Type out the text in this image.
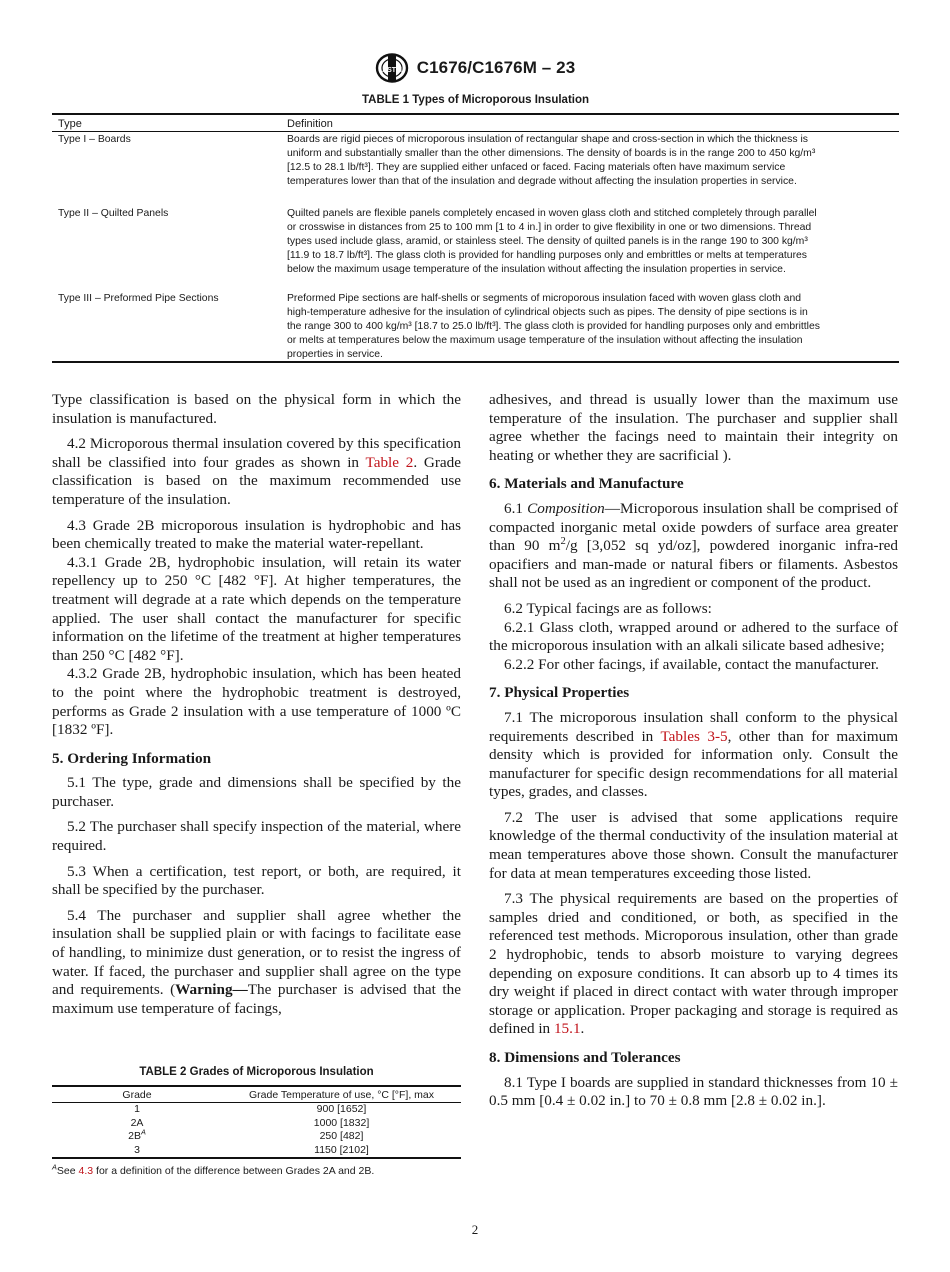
ASTM C1676/C1676M – 23
TABLE 1 Types of Microporous Insulation
Type	Definition
Type I – Boards	Boards are rigid pieces of microporous insulation of rectangular shape and cross-section in which the thickness is
uniform and substantially smaller than the other dimensions. The density of boards is in the range 200 to 450 kg/m³
[12.5 to 28.1 lb/ft³]. They are supplied either unfaced or faced. Facing materials often have maximum service
temperatures lower than that of the insulation and degrade without affecting the insulation properties in service.
Type II – Quilted Panels	Quilted panels are flexible panels completely encased in woven glass cloth and stitched completely through parallel
or crosswise in distances from 25 to 100 mm [1 to 4 in.] in order to give flexibility in one or two dimensions. Thread
types used include glass, aramid, or stainless steel. The density of quilted panels is in the range 190 to 300 kg/m³
[11.9 to 18.7 lb/ft³]. The glass cloth is provided for handling purposes only and embrittles or melts at temperatures
below the maximum usage temperature of the insulation without affecting the insulation properties in service.
Type III – Preformed Pipe Sections	Preformed Pipe sections are half-shells or segments of microporous insulation faced with woven glass cloth and
high-temperature adhesive for the insulation of cylindrical objects such as pipes. The density of pipe sections is in
the range 300 to 400 kg/m³ [18.7 to 25.0 lb/ft³]. The glass cloth is provided for handling purposes only and embrittles
or melts at temperatures below the maximum usage temperature of the insulation without affecting the insulation
properties in service.

Type classification is based on the physical form in which the insulation is manufactured.

4.2 Microporous thermal insulation covered by this specification shall be classified into four grades as shown in Table 2. Grade classification is based on the maximum recommended use temperature of the insulation.

4.3 Grade 2B microporous insulation is hydrophobic and has been chemically treated to make the material water-repellant.

4.3.1 Grade 2B, hydrophobic insulation, will retain its water repellency up to 250 °C [482 °F]. At higher temperatures, the treatment will degrade at a rate which depends on the temperature applied. The user shall contact the manufacturer for specific information on the lifetime of the treatment at higher temperatures than 250 °C [482 °F].

4.3.2 Grade 2B, hydrophobic insulation, which has been heated to the point where the hydrophobic treatment is destroyed, performs as Grade 2 insulation with a use temperature of 1000 ºC [1832 ºF].

5. Ordering Information

5.1 The type, grade and dimensions shall be specified by the purchaser.

5.2 The purchaser shall specify inspection of the material, where required.

5.3 When a certification, test report, or both, are required, it shall be specified by the purchaser.

5.4 The purchaser and supplier shall agree whether the insulation shall be supplied plain or with facings to facilitate ease of handling, to minimize dust generation, or to resist the ingress of water. If faced, the purchaser and supplier shall agree on the type and requirements. (Warning—The purchaser is advised that the maximum use temperature of facings,

TABLE 2 Grades of Microporous Insulation
Grade	Grade Temperature of use, °C [°F], max
1	900 [1652]
2A	1000 [1832]
$2B^A$	250 [482]
3	1150 [2102]
$^A$See 4.3 for a definition of the difference between Grades 2A and 2B.

adhesives, and thread is usually lower than the maximum use temperature of the insulation. The purchaser and supplier shall agree whether the facings need to maintain their integrity on heating or whether they are sacrificial ).

6. Materials and Manufacture

6.1 Composition—Microporous insulation shall be comprised of compacted inorganic metal oxide powders of surface area greater than 90 $m^2/g$ [3,052 sq yd/oz], powdered inorganic infra-red opacifiers and man-made or natural fibers or filaments. Asbestos shall not be used as an ingredient or component of the product.

6.2 Typical facings are as follows:

6.2.1 Glass cloth, wrapped around or adhered to the surface of the microporous insulation with an alkali silicate based adhesive;

6.2.2 For other facings, if available, contact the manufacturer.

7. Physical Properties

7.1 The microporous insulation shall conform to the physical requirements described in Tables 3-5, other than for maximum density which is provided for information only. Consult the manufacturer for specific design recommendations for all material types, grades, and classes.

7.2 The user is advised that some applications require knowledge of the thermal conductivity of the insulation material at mean temperatures above those shown. Consult the manufacturer for data at mean temperatures exceeding those listed.

7.3 The physical requirements are based on the properties of samples dried and conditioned, or both, as specified in the referenced test methods. Microporous insulation, other than grade 2 hydrophobic, tends to absorb moisture to varying degrees depending on exposure conditions. It can absorb up to 4 times its dry weight if placed in direct contact with water through improper storage or application. Proper packaging and storage is required as defined in 15.1.

8. Dimensions and Tolerances

8.1 Type I boards are supplied in standard thicknesses from 10 ± 0.5 mm [0.4 ± 0.02 in.] to 70 ± 0.8 mm [2.8 ± 0.02 in.].

2
